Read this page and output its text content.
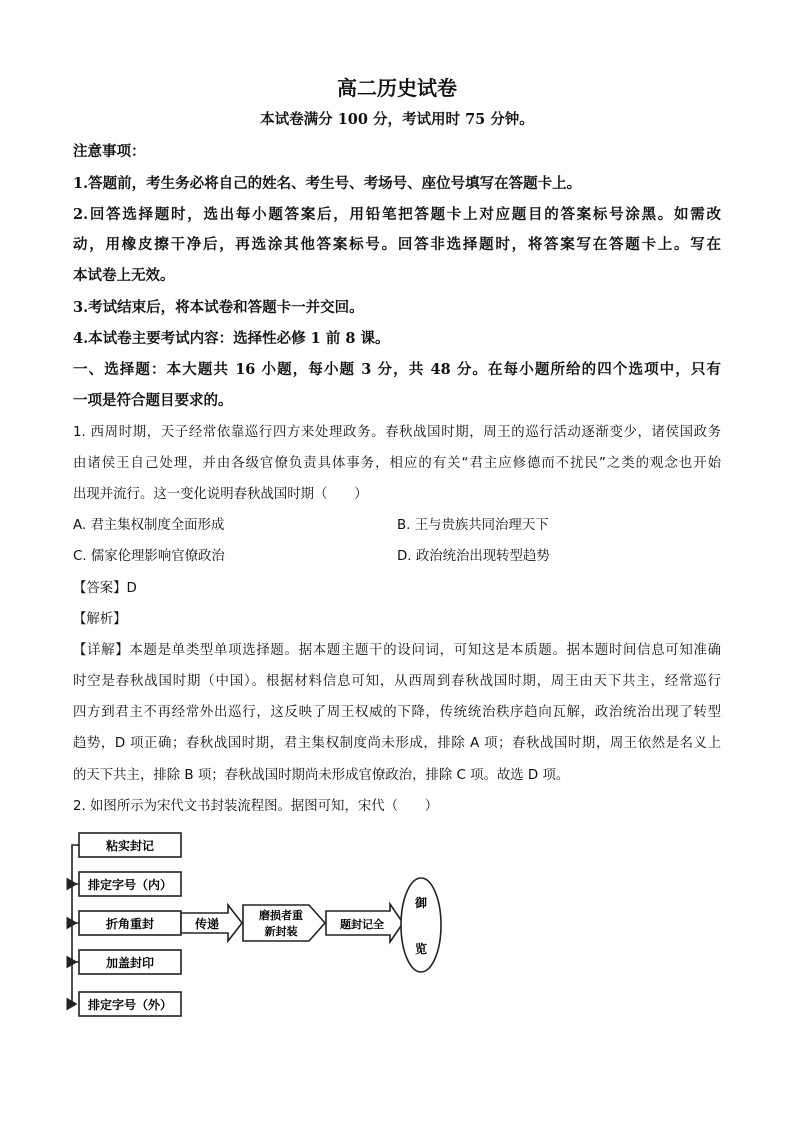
高二历史试卷
本试卷满分 100 分，考试用时 75 分钟。
注意事项：
1.答题前，考生务必将自己的姓名、考生号、考场号、座位号填写在答题卡上。
2.回答选择题时，选出每小题答案后，用铅笔把答题卡上对应题目的答案标号涂黑。如需改
动，用橡皮擦干净后，再选涂其他答案标号。回答非选择题时，将答案写在答题卡上。写在
本试卷上无效。
3.考试结束后，将本试卷和答题卡一并交回。
4.本试卷主要考试内容：选择性必修 1 前 8 课。
一、选择题：本大题共 16 小题，每小题 3 分，共 48 分。在每小题所给的四个选项中，只有
一项是符合题目要求的。
1. 西周时期，天子经常依靠巡行四方来处理政务。春秋战国时期，周王的巡行活动逐渐变少，诸侯国政务
由诸侯王自己处理，并由各级官僚负责具体事务，相应的有关“君主应修德而不扰民”之类的观念也开始
出现并流行。这一变化说明春秋战国时期（　　）
A. 君主集权制度全面形成	B. 王与贵族共同治理天下
C. 儒家伦理影响官僚政治	D. 政治统治出现转型趋势
【答案】D
【解析】
【详解】本题是单类型单项选择题。据本题主题干的设问词，可知这是本质题。据本题时间信息可知准确
时空是春秋战国时期（中国）。根据材料信息可知，从西周到春秋战国时期，周王由天下共主，经常巡行
四方到君主不再经常外出巡行，这反映了周王权威的下降，传统统治秩序趋向瓦解，政治统治出现了转型
趋势，D 项正确；春秋战国时期，君主集权制度尚未形成，排除 A 项；春秋战国时期，周王依然是名义上
的天下共主，排除 B 项；春秋战国时期尚未形成官僚政治，排除 C 项。故选 D 项。
2. 如图所示为宋代文书封装流程图。据图可知，宋代（　　）
粘实封记
排定字号（内）
折角重封
加盖封印
排定字号（外）
传递
磨损者重
新封装
题封记全
御
览
